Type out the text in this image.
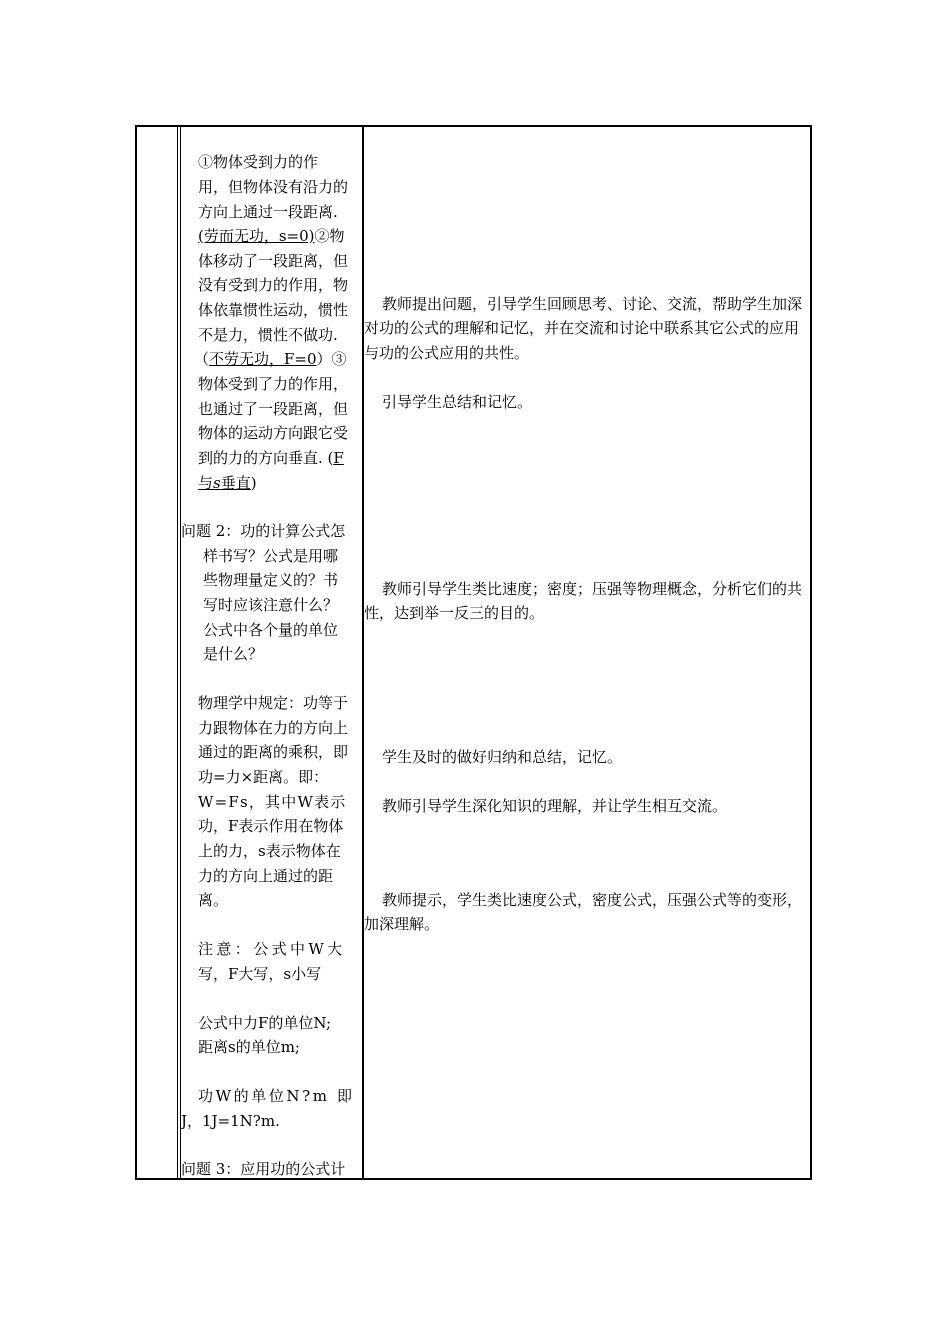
①物体受到力的作
用，但物体没有沿力的
方向上通过一段距离.
(劳而无功，s=0)②物
体移动了一段距离，但
没有受到力的作用，物
体依靠惯性运动，惯性
不是力，惯性不做功.
（不劳无功，F=0）③
物体受到了力的作用，
也通过了一段距离，但
物体的运动方向跟它受
到的力的方向垂直. (F
与s垂直)
问题 2：功的计算公式怎
样书写？公式是用哪
些物理量定义的？书
写时应该注意什么？
公式中各个量的单位
是什么？
物理学中规定：功等于
力跟物体在力的方向上
通过的距离的乘积，即
功=力×距离。即：
W=Fs，其中W表示
功，F表示作用在物体
上的力，s表示物体在
力的方向上通过的距
离。
注意：公式中W大
写，F大写，s小写
公式中力F的单位N;
距离s的单位m;
功W的单位N?m 即
J，1J=1N?m.
问题 3：应用功的公式计
教师提出问题，引导学生回顾思考、讨论、交流，帮助学生加深对功的公式的理解和记忆，并在交流和讨论中联系其它公式的应用与功的公式应用的共性。
引导学生总结和记忆。
教师引导学生类比速度；密度；压强等物理概念，分析它们的共性，达到举一反三的目的。
学生及时的做好归纳和总结，记忆。
教师引导学生深化知识的理解，并让学生相互交流。
教师提示，学生类比速度公式，密度公式，压强公式等的变形，加深理解。
